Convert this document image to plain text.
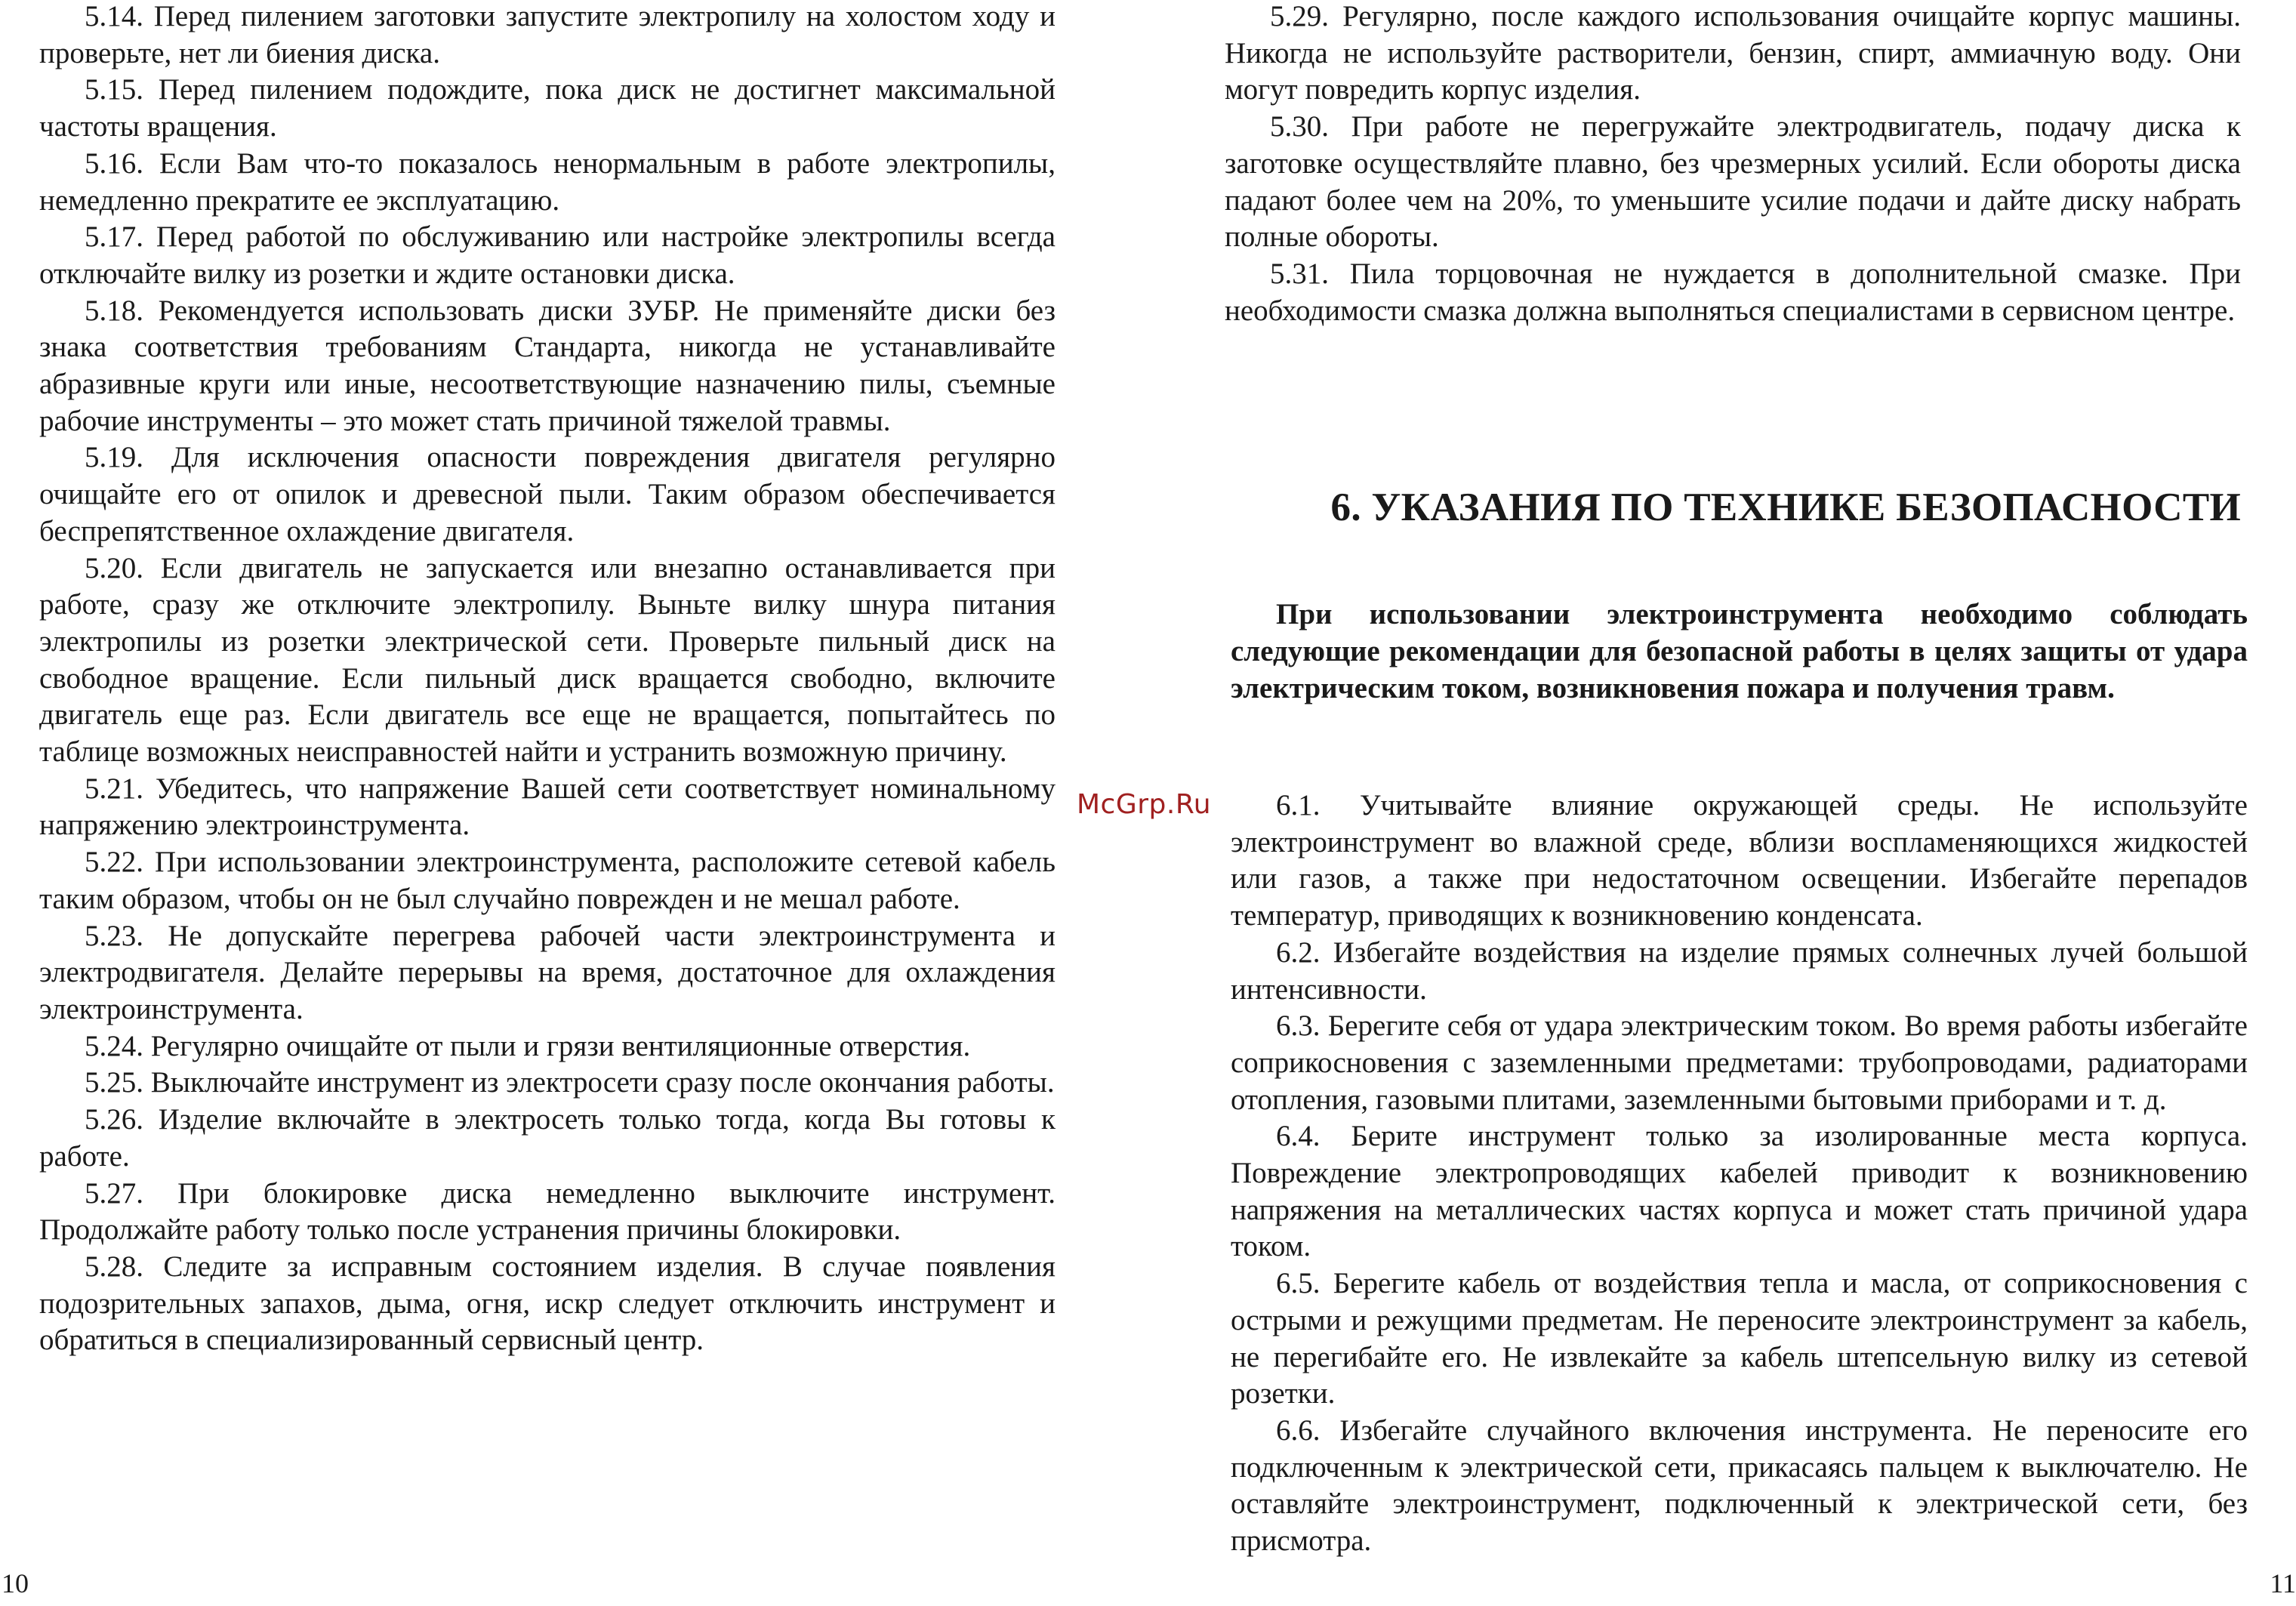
5.14. Перед пилением заготовки запустите электропилу на холостом ходу и проверьте, нет ли биения диска.

5.15. Перед пилением подождите, пока диск не достигнет максимальной частоты вращения.

5.16. Если Вам что-то показалось ненормальным в работе электропилы, немедленно прекратите ее эксплуатацию.

5.17. Перед работой по обслуживанию или настройке электропилы всегда отключайте вилку из розетки и ждите остановки диска.

5.18. Рекомендуется использовать диски ЗУБР. Не применяйте диски без знака соответствия требованиям Стандарта, никогда не устанавливайте абразивные круги или иные, несоответствующие назначению пилы, съемные рабочие инструменты – это может стать причиной тяжелой травмы.

5.19. Для исключения опасности повреждения двигателя регулярно очищайте его от опилок и древесной пыли. Таким образом обеспечивается беспрепятственное охлаждение двигателя.

5.20. Если двигатель не запускается или внезапно останавливается при работе, сразу же отключите электропилу. Выньте вилку шнура питания электропилы из розетки электрической сети. Проверьте пильный диск на свободное вращение. Если пильный диск вращается свободно, включите двигатель еще раз. Если двигатель все еще не вращается, попытайтесь по таблице возможных неисправностей найти и устранить возможную причину.

5.21. Убедитесь, что напряжение Вашей сети соответствует номинальному напряжению электроинструмента.

5.22. При использовании электроинструмента, расположите сетевой кабель таким образом, чтобы он не был случайно поврежден и не мешал работе.

5.23. Не допускайте перегрева рабочей части электроинструмента и электродвигателя. Делайте перерывы на время, достаточное для охлаждения электроинструмента.

5.24. Регулярно очищайте от пыли и грязи вентиляционные отверстия.

5.25. Выключайте инструмент из электросети сразу после окончания работы.

5.26. Изделие включайте в электросеть только тогда, когда Вы готовы к работе.

5.27. При блокировке диска немедленно выключите инструмент. Продолжайте работу только после устранения причины блокировки.

5.28. Следите за исправным состоянием изделия. В случае появления подозрительных запахов, дыма, огня, искр следует отключить инструмент и обратиться в специализированный сервисный центр.

10

5.29. Регулярно, после каждого использования очищайте корпус машины. Никогда не используйте растворители, бензин, спирт, аммиачную воду. Они могут повредить корпус изделия.

5.30. При работе не перегружайте электродвигатель, подачу диска к заготовке осуществляйте плавно, без чрезмерных усилий. Если обороты диска падают более чем на 20%, то уменьшите усилие подачи и дайте диску набрать полные обороты.

5.31. Пила торцовочная не нуждается в дополнительной смазке. При необходимости смазка должна выполняться специалистами в сервисном центре.

6. УКАЗАНИЯ ПО ТЕХНИКЕ БЕЗОПАСНОСТИ

При использовании электроинструмента необходимо соблюдать следующие рекомендации для безопасной работы в целях защиты от удара электрическим током, возникновения пожара и получения травм.

6.1. Учитывайте влияние окружающей среды. Не используйте электроинструмент во влажной среде, вблизи воспламеняющихся жидкостей или газов, а также при недостаточном освещении. Избегайте перепадов температур, приводящих к возникновению конденсата.

6.2. Избегайте воздействия на изделие прямых солнечных лучей большой интенсивности.

6.3. Берегите себя от удара электрическим током. Во время работы избегайте соприкосновения с заземленными предметами: трубопроводами, радиаторами отопления, газовыми плитами, заземленными бытовыми приборами и т. д.

6.4. Берите инструмент только за изолированные места корпуса. Повреждение электропроводящих кабелей приводит к возникновению напряжения на металлических частях корпуса и может стать причиной удара током.

6.5. Берегите кабель от воздействия тепла и масла, от соприкосновения с острыми и режущими предметам. Не переносите электроинструмент за кабель, не перегибайте его. Не извлекайте за кабель штепсельную вилку из сетевой розетки.

6.6. Избегайте случайного включения инструмента. Не переносите его подключенным к электрической сети, прикасаясь пальцем к выключателю. Не оставляйте электроинструмент, подключенный к электрической сети, без присмотра.

11
McGrp.Ru
